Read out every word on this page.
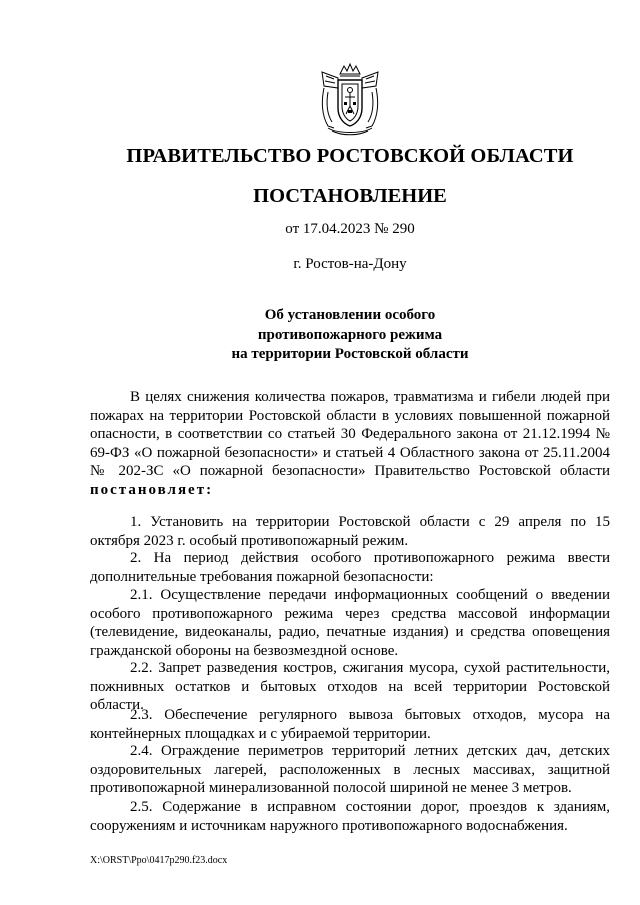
ПРАВИТЕЛЬСТВО РОСТОВСКОЙ ОБЛАСТИ
ПОСТАНОВЛЕНИЕ
от 17.04.2023 № 290
г. Ростов-на-Дону
Об установлении особого
противопожарного режима
на территории Ростовской области
В целях снижения количества пожаров, травматизма и гибели людей при пожарах на территории Ростовской области в условиях повышенной пожарной опасности, в соответствии со статьей 30 Федерального закона от 21.12.1994 № 69-ФЗ «О пожарной безопасности» и статьей 4 Областного закона от 25.11.2004 № 202-ЗС «О пожарной безопасности» Правительство Ростовской области постановляет:
1. Установить на территории Ростовской области с 29 апреля по 15 октября 2023 г. особый противопожарный режим.
2. На период действия особого противопожарного режима ввести дополнительные требования пожарной безопасности:
2.1. Осуществление передачи информационных сообщений о введении особого противопожарного режима через средства массовой информации (телевидение, видеоканалы, радио, печатные издания) и средства оповещения гражданской обороны на безвозмездной основе.
2.2. Запрет разведения костров, сжигания мусора, сухой растительности, пожнивных остатков и бытовых отходов на всей территории Ростовской области.
2.3. Обеспечение регулярного вывоза бытовых отходов, мусора на контейнерных площадках и с убираемой территории.
2.4. Ограждение периметров территорий летних детских дач, детских оздоровительных лагерей, расположенных в лесных массивах, защитной противопожарной минерализованной полосой шириной не менее 3 метров.
2.5. Содержание в исправном состоянии дорог, проездов к зданиям, сооружениям и источникам наружного противопожарного водоснабжения.
X:\ORST\Ppo\0417p290.f23.docx
